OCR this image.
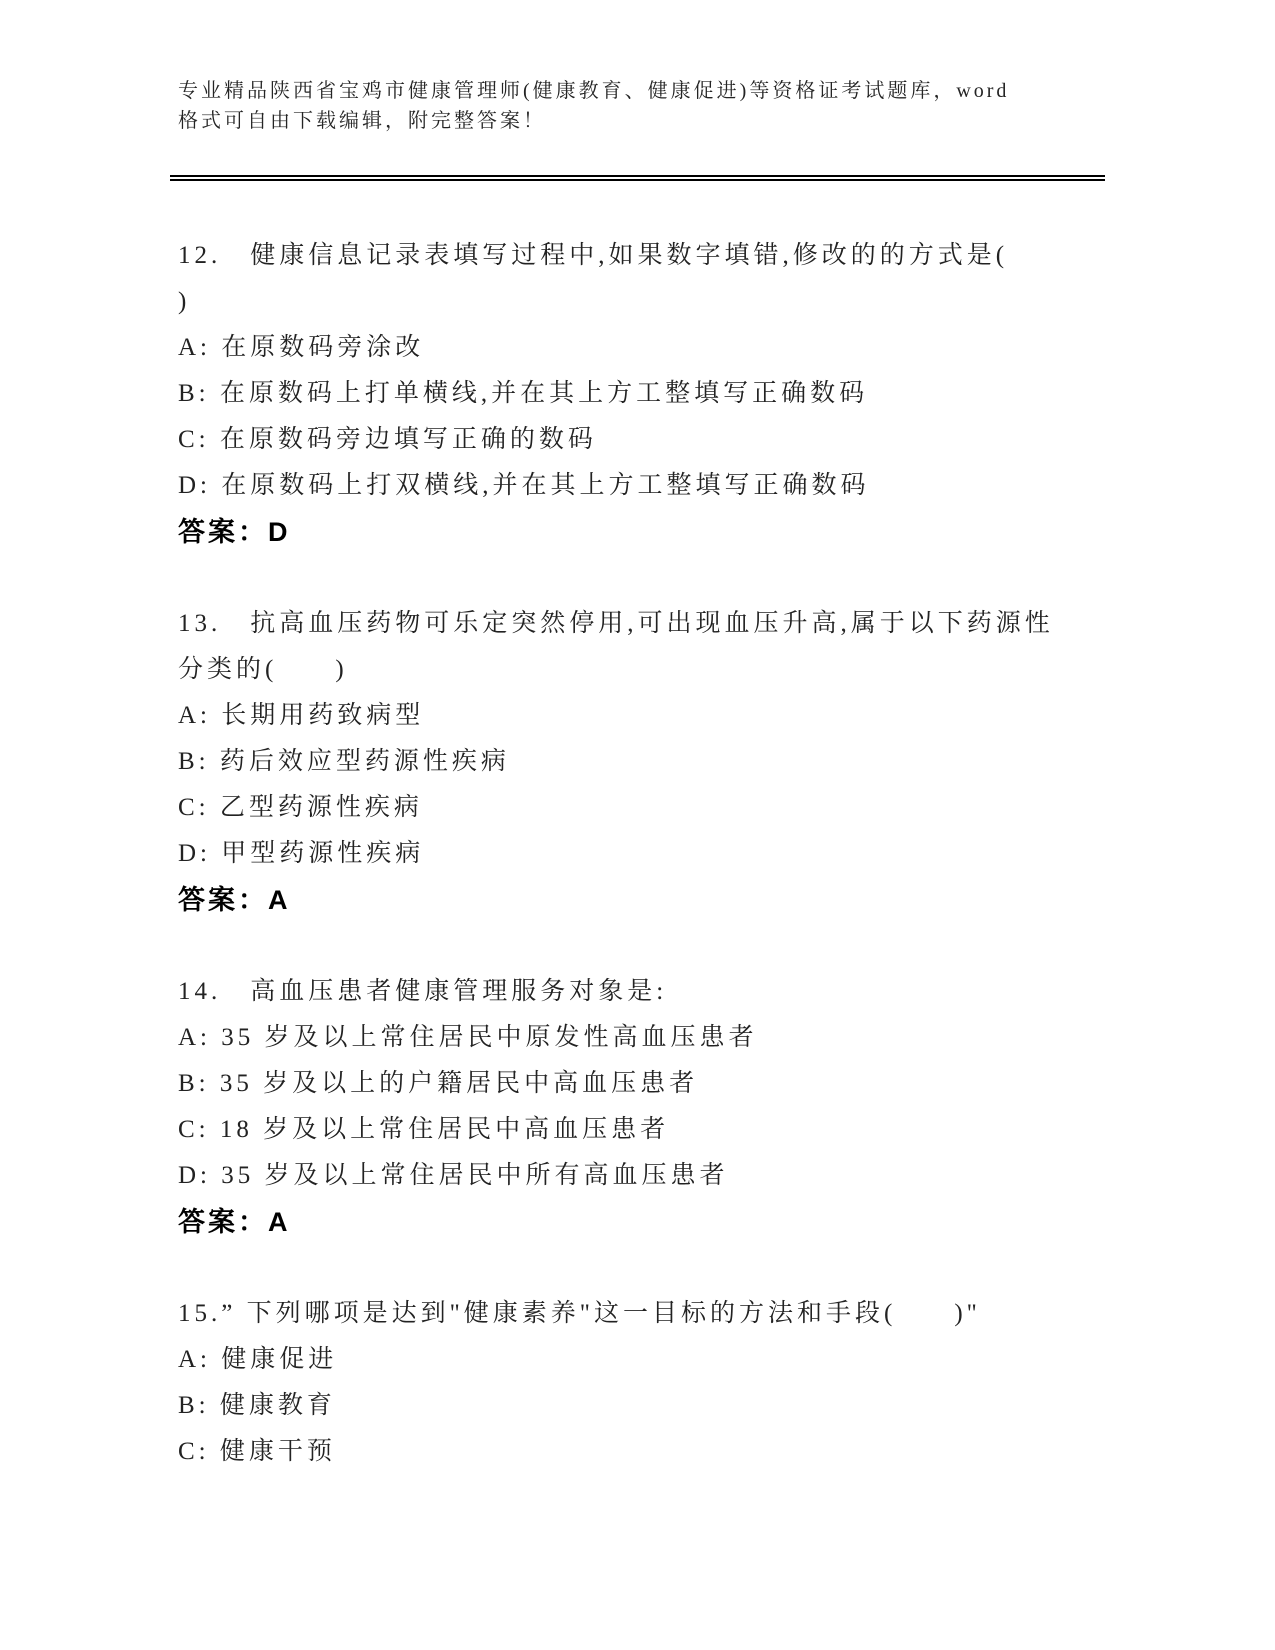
专业精品陕西省宝鸡市健康管理师(健康教育、健康促进)等资格证考试题库，word

格式可自由下载编辑，附完整答案！

12.　健康信息记录表填写过程中,如果数字填错,修改的的方式是(

)

A: 在原数码旁涂改

B: 在原数码上打单横线,并在其上方工整填写正确数码

C: 在原数码旁边填写正确的数码

D: 在原数码上打双横线,并在其上方工整填写正确数码

答案：D

13.　抗高血压药物可乐定突然停用,可出现血压升高,属于以下药源性

分类的(　　)

A: 长期用药致病型

B: 药后效应型药源性疾病

C: 乙型药源性疾病

D: 甲型药源性疾病

答案：A

14.　高血压患者健康管理服务对象是:

A: 35 岁及以上常住居民中原发性高血压患者

B: 35 岁及以上的户籍居民中高血压患者

C: 18 岁及以上常住居民中高血压患者

D: 35 岁及以上常住居民中所有高血压患者

答案：A

15.” 下列哪项是达到"健康素养"这一目标的方法和手段(　　)"

A: 健康促进

B: 健康教育

C: 健康干预
